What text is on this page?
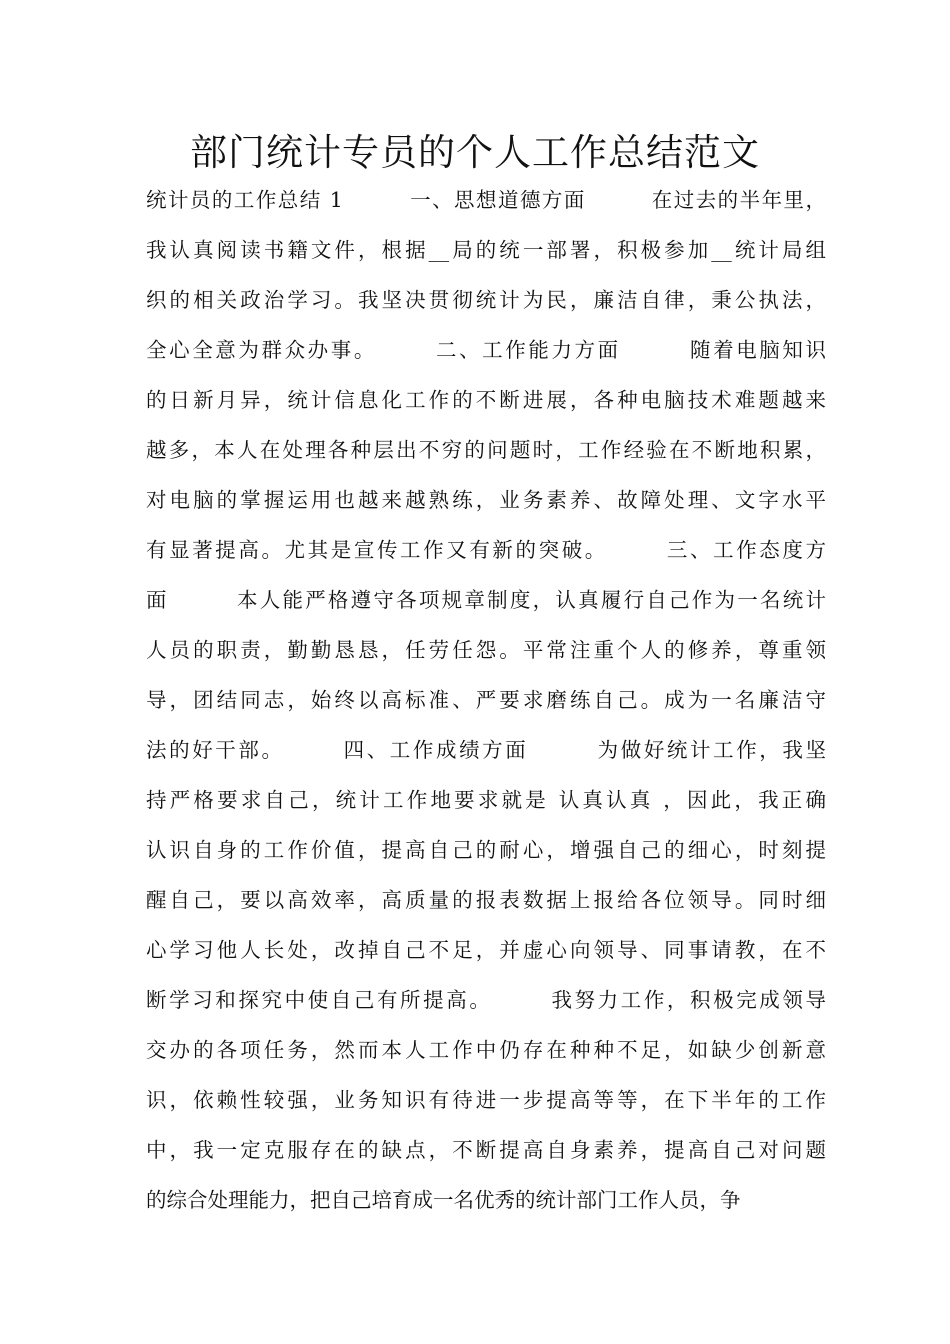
部门统计专员的个人工作总结范文
统计员的工作总结 1　　　一、思想道德方面　　　在过去的半年里，
我认真阅读书籍文件，根据__局的统一部署，积极参加__统计局组
织的相关政治学习。我坚决贯彻统计为民，廉洁自律，秉公执法，
全心全意为群众办事。　　　二、工作能力方面　　　随着电脑知识
的日新月异，统计信息化工作的不断进展，各种电脑技术难题越来
越多，本人在处理各种层出不穷的问题时，工作经验在不断地积累，
对电脑的掌握运用也越来越熟练，业务素养、故障处理、文字水平
有显著提高。尤其是宣传工作又有新的突破。　　　三、工作态度方
面　　　本人能严格遵守各项规章制度，认真履行自己作为一名统计
人员的职责，勤勤恳恳，任劳任怨。平常注重个人的修养，尊重领
导，团结同志，始终以高标准、严要求磨练自己。成为一名廉洁守
法的好干部。　　　四、工作成绩方面　　　为做好统计工作，我坚
持严格要求自己，统计工作地要求就是 认真认真 ，因此，我正确
认识自身的工作价值，提高自己的耐心，增强自己的细心，时刻提
醒自己，要以高效率，高质量的报表数据上报给各位领导。同时细
心学习他人长处，改掉自己不足，并虚心向领导、同事请教，在不
断学习和探究中使自己有所提高。　　　我努力工作，积极完成领导
交办的各项任务，然而本人工作中仍存在种种不足，如缺少创新意
识，依赖性较强，业务知识有待进一步提高等等，在下半年的工作
中，我一定克服存在的缺点，不断提高自身素养，提高自己对问题
的综合处理能力，把自己培育成一名优秀的统计部门工作人员，争
